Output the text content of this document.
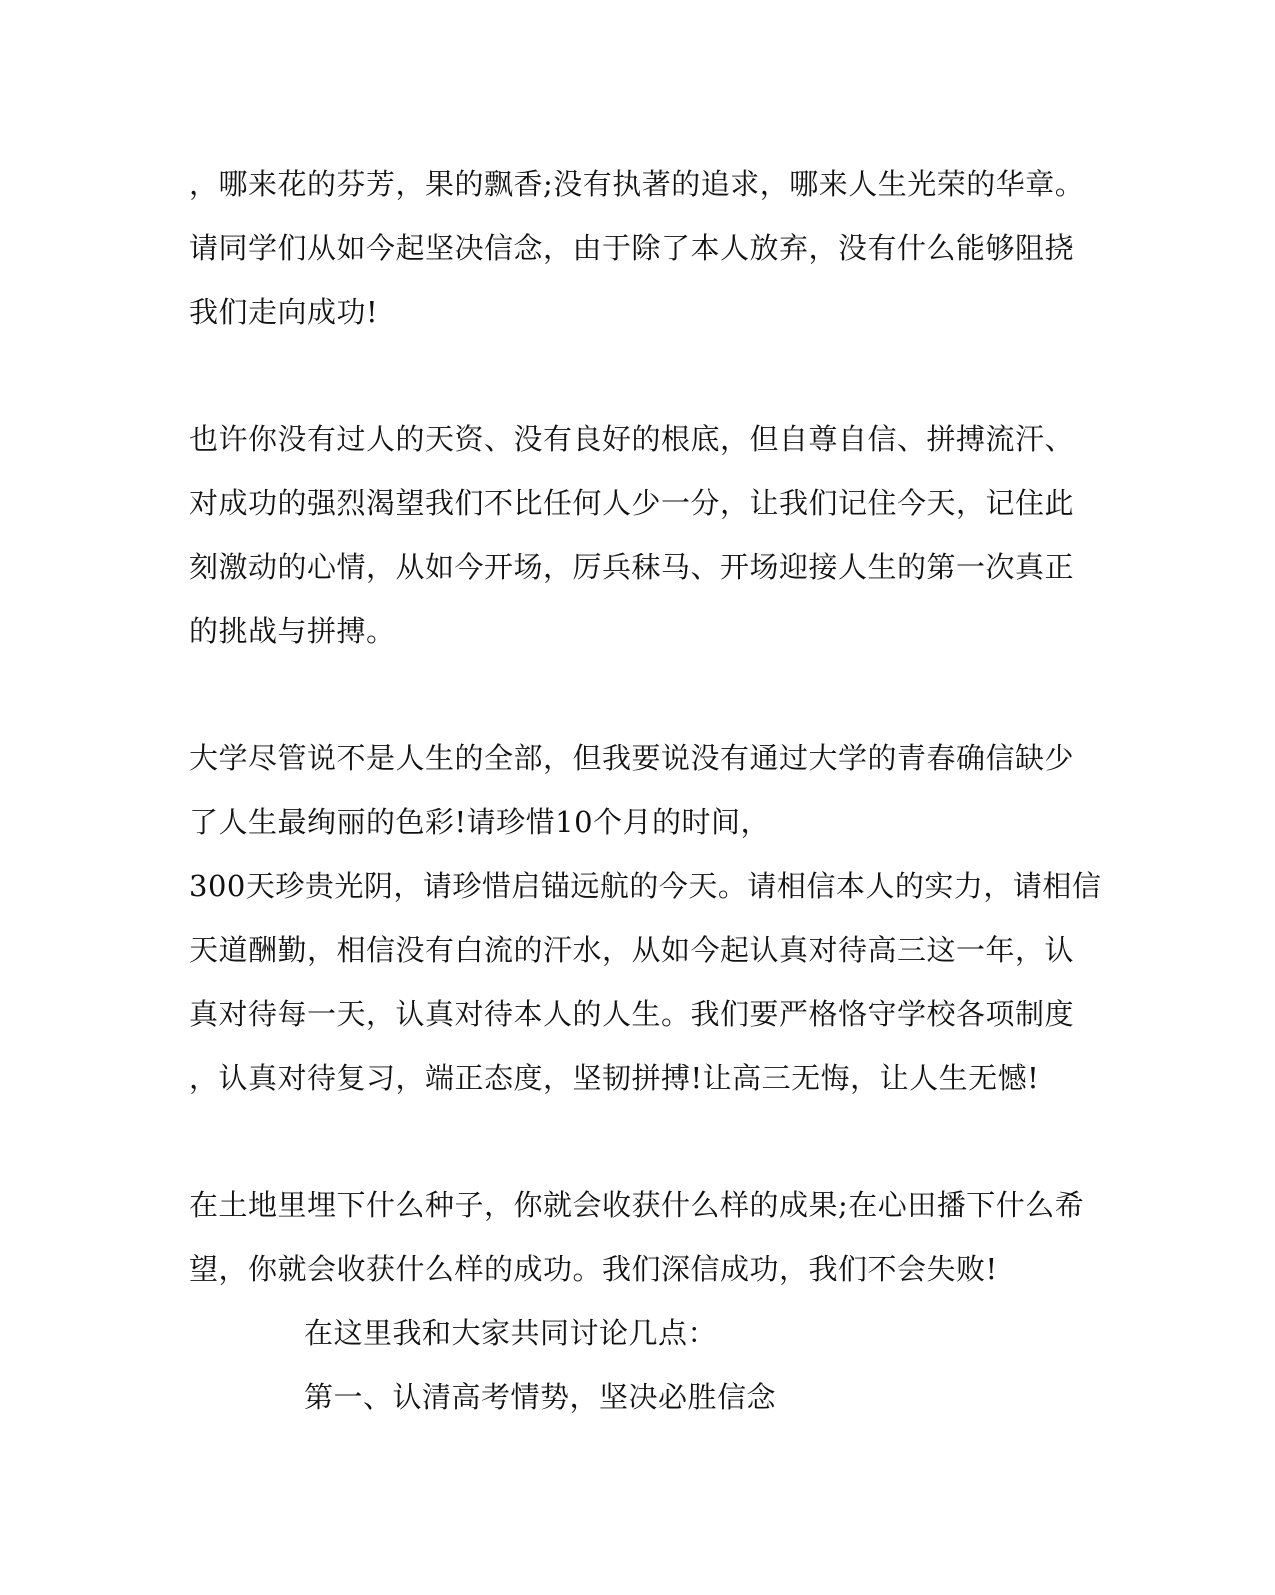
，哪来花的芬芳，果的飘香;没有执著的追求，哪来人生光荣的华章。
请同学们从如今起坚决信念，由于除了本人放弃，没有什么能够阻挠
我们走向成功!
也许你没有过人的天资、没有良好的根底，但自尊自信、拼搏流汗、
对成功的强烈渴望我们不比任何人少一分，让我们记住今天，记住此
刻激动的心情，从如今开场，厉兵秣马、开场迎接人生的第一次真正
的挑战与拼搏。
大学尽管说不是人生的全部，但我要说没有通过大学的青春确信缺少
了人生最绚丽的色彩!请珍惜10个月的时间，
300天珍贵光阴，请珍惜启锚远航的今天。请相信本人的实力，请相信
天道酬勤，相信没有白流的汗水，从如今起认真对待高三这一年，认
真对待每一天，认真对待本人的人生。我们要严格恪守学校各项制度
，认真对待复习，端正态度，坚韧拼搏!让高三无悔，让人生无憾!
在土地里埋下什么种子，你就会收获什么样的成果;在心田播下什么希
望，你就会收获什么样的成功。我们深信成功，我们不会失败!
在这里我和大家共同讨论几点：
第一、认清高考情势，坚决必胜信念
